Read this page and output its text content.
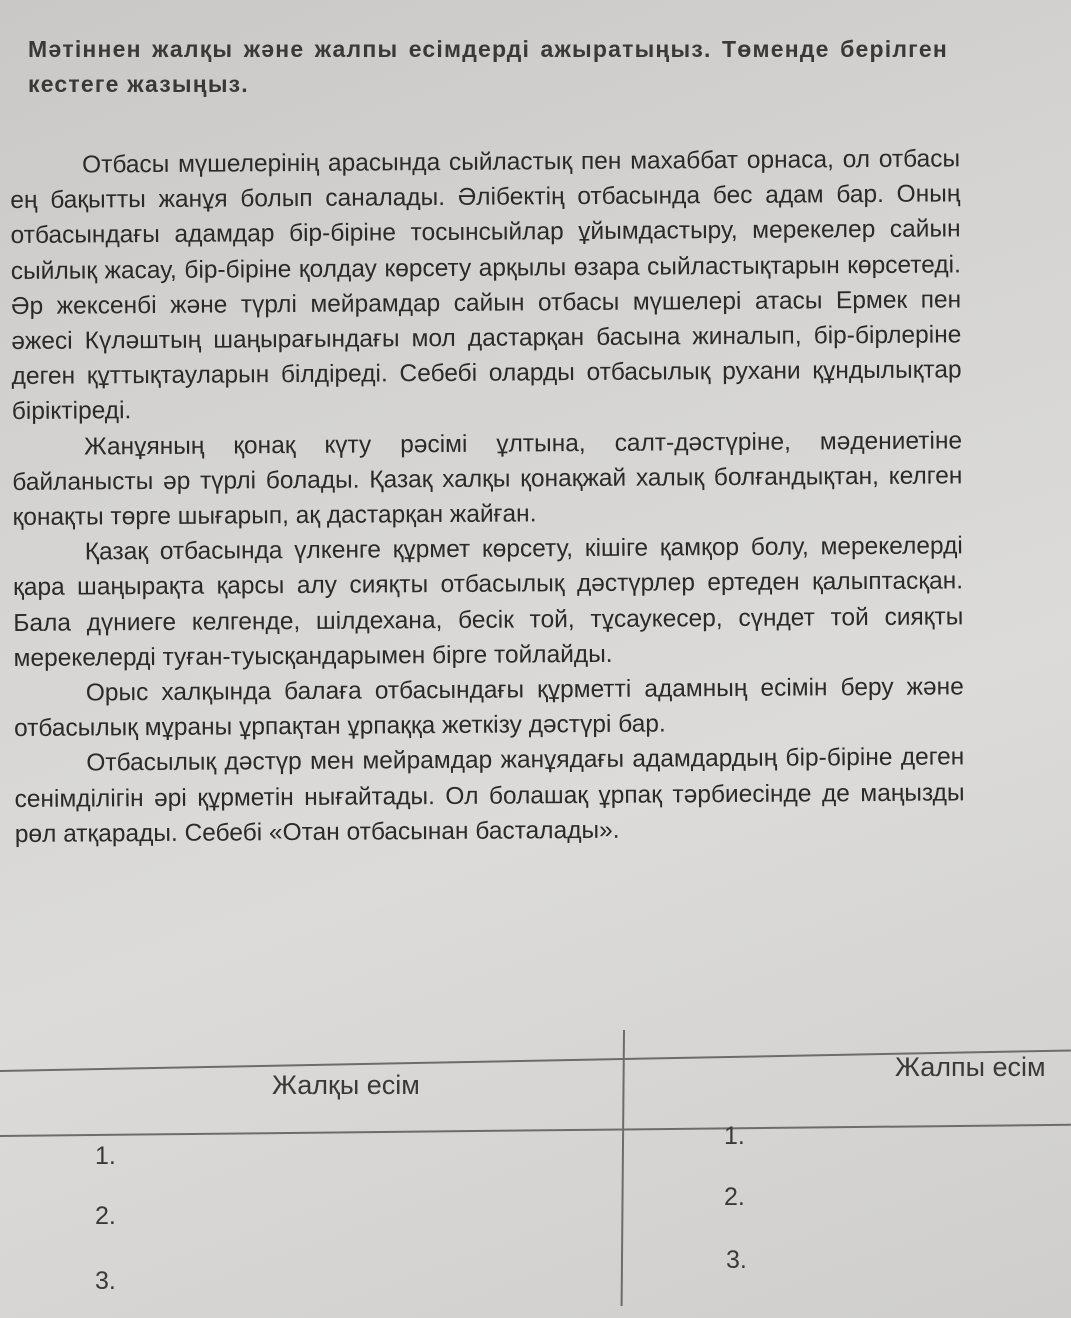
Мәтіннен жалқы және жалпы есімдерді ажыратыңыз. Төменде берілген кестеге жазыңыз.

Отбасы мүшелерінің арасында сыйластық пен махаббат орнаса, ол отбасы ең бақытты жанұя болып саналады. Әлібектің отбасында бес адам бар. Оның отбасындағы адамдар бір-біріне тосынсыйлар ұйымдастыру, мерекелер сайын сыйлық жасау, бір-біріне қолдау көрсету арқылы өзара сыйластықтарын көрсетеді. Әр жексенбі және түрлі мейрамдар сайын отбасы мүшелері атасы Ермек пен әжесі Күләштың шаңырағындағы мол дастарқан басына жиналып, бір-бірлеріне деген құттықтауларын білдіреді. Себебі оларды отбасылық рухани құндылықтар біріктіреді.

Жанұяның қонақ күту рәсімі ұлтына, салт-дәстүріне, мәдениетіне байланысты әр түрлі болады. Қазақ халқы қонақжай халық болғандықтан, келген қонақты төрге шығарып, ақ дастарқан жайған.

Қазақ отбасында үлкенге құрмет көрсету, кішіге қамқор болу, мерекелерді қара шаңырақта қарсы алу сияқты отбасылық дәстүрлер ертеден қалыптасқан. Бала дүниеге келгенде, шілдехана, бесік той, тұсаукесер, сүндет той сияқты мерекелерді туған-туысқандарымен бірге тойлайды.

Орыс халқында балаға отбасындағы құрметті адамның есімін беру және отбасылық мұраны ұрпақтан ұрпаққа жеткізу дәстүрі бар.

Отбасылық дәстүр мен мейрамдар жанұядағы адамдардың бір-біріне деген сенімділігін әрі құрметін нығайтады. Ол болашақ ұрпақ тәрбиесінде де маңызды рөл атқарады. Себебі «Отан отбасынан басталады».

Жалқы есім
Жалпы есім
1.
2.
3.
1.
2.
3.
